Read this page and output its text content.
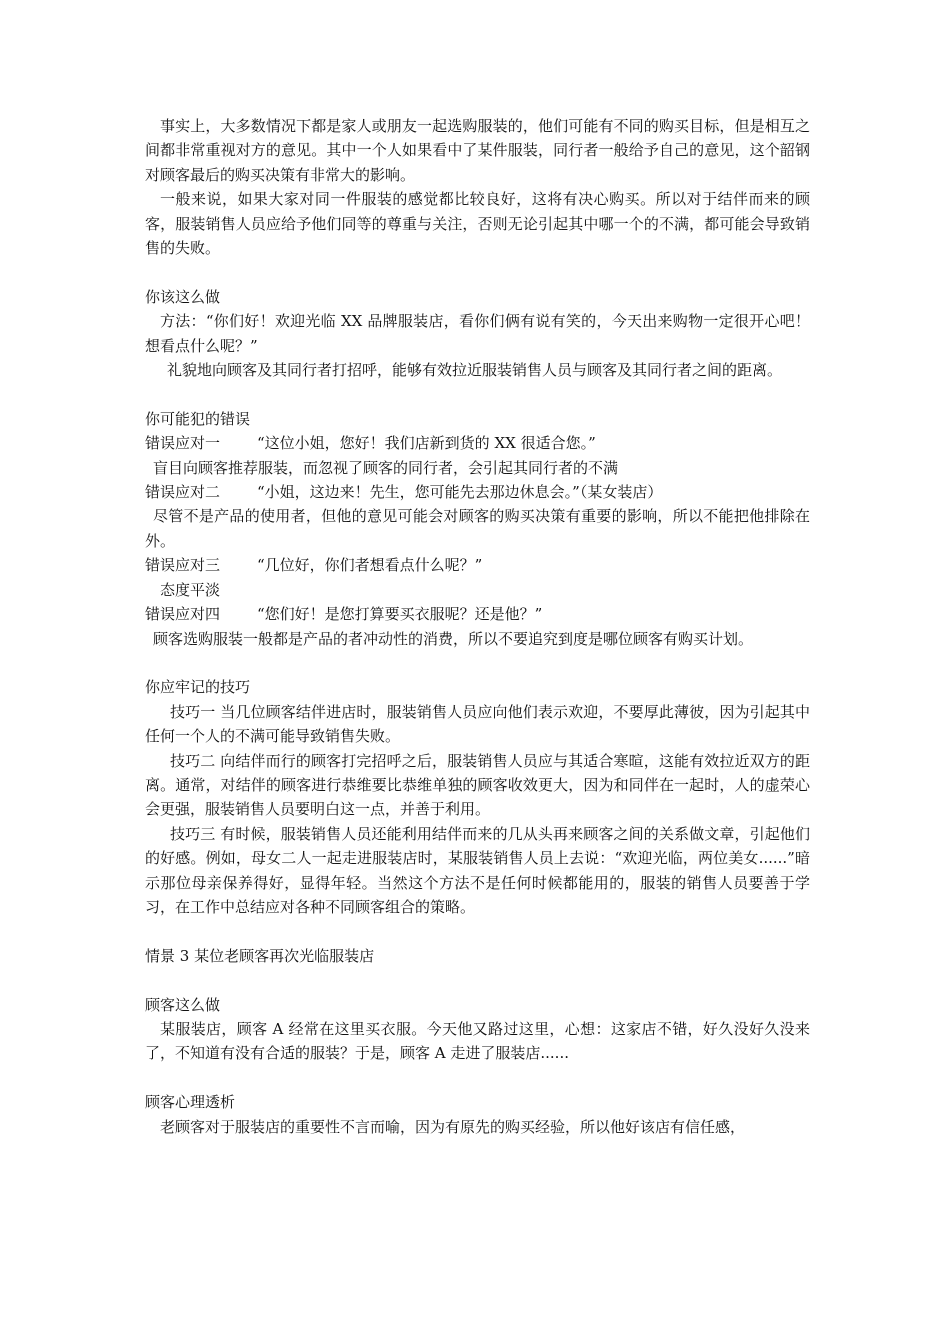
事实上，大多数情况下都是家人或朋友一起选购服装的，他们可能有不同的购买目标，但是相互之间都非常重视对方的意见。其中一个人如果看中了某件服装，同行者一般给予自己的意见，这个韶钢对顾客最后的购买决策有非常大的影响。

一般来说，如果大家对同一件服装的感觉都比较良好，这将有决心购买。所以对于结伴而来的顾客，服装销售人员应给予他们同等的尊重与关注，否则无论引起其中哪一个的不满，都可能会导致销售的失败。

你该这么做

方法：“你们好！欢迎光临 XX 品牌服装店，看你们俩有说有笑的，今天出来购物一定很开心吧！想看点什么呢？”

礼貌地向顾客及其同行者打招呼，能够有效拉近服装销售人员与顾客及其同行者之间的距离。

你可能犯的错误

错误应对一 “这位小姐，您好！我们店新到货的 XX 很适合您。”

盲目向顾客推荐服装，而忽视了顾客的同行者，会引起其同行者的不满

错误应对二 “小姐，这边来！先生，您可能先去那边休息会。”（某女装店）

尽管不是产品的使用者，但他的意见可能会对顾客的购买决策有重要的影响，所以不能把他排除在外。

错误应对三 “几位好，你们者想看点什么呢？”

态度平淡

错误应对四 “您们好！是您打算要买衣服呢？还是他？”

顾客选购服装一般都是产品的者冲动性的消费，所以不要追究到度是哪位顾客有购买计划。

你应牢记的技巧

技巧一 当几位顾客结伴进店时，服装销售人员应向他们表示欢迎，不要厚此薄彼，因为引起其中任何一个人的不满可能导致销售失败。

技巧二 向结伴而行的顾客打完招呼之后，服装销售人员应与其适合寒暄，这能有效拉近双方的距离。通常，对结伴的顾客进行恭维要比恭维单独的顾客收效更大，因为和同伴在一起时，人的虚荣心会更强，服装销售人员要明白这一点，并善于利用。

技巧三 有时候，服装销售人员还能利用结伴而来的几从头再来顾客之间的关系做文章，引起他们的好感。例如，母女二人一起走进服装店时，某服装销售人员上去说：“欢迎光临，两位美女......”暗示那位母亲保养得好，显得年轻。当然这个方法不是任何时候都能用的，服装的销售人员要善于学习，在工作中总结应对各种不同顾客组合的策略。

情景 3 某位老顾客再次光临服装店

顾客这么做

某服装店，顾客 A 经常在这里买衣服。今天他又路过这里，心想：这家店不错，好久没好久没来了，不知道有没有合适的服装？于是，顾客 A 走进了服装店......

顾客心理透析

老顾客对于服装店的重要性不言而喻，因为有原先的购买经验，所以他好该店有信任感，
